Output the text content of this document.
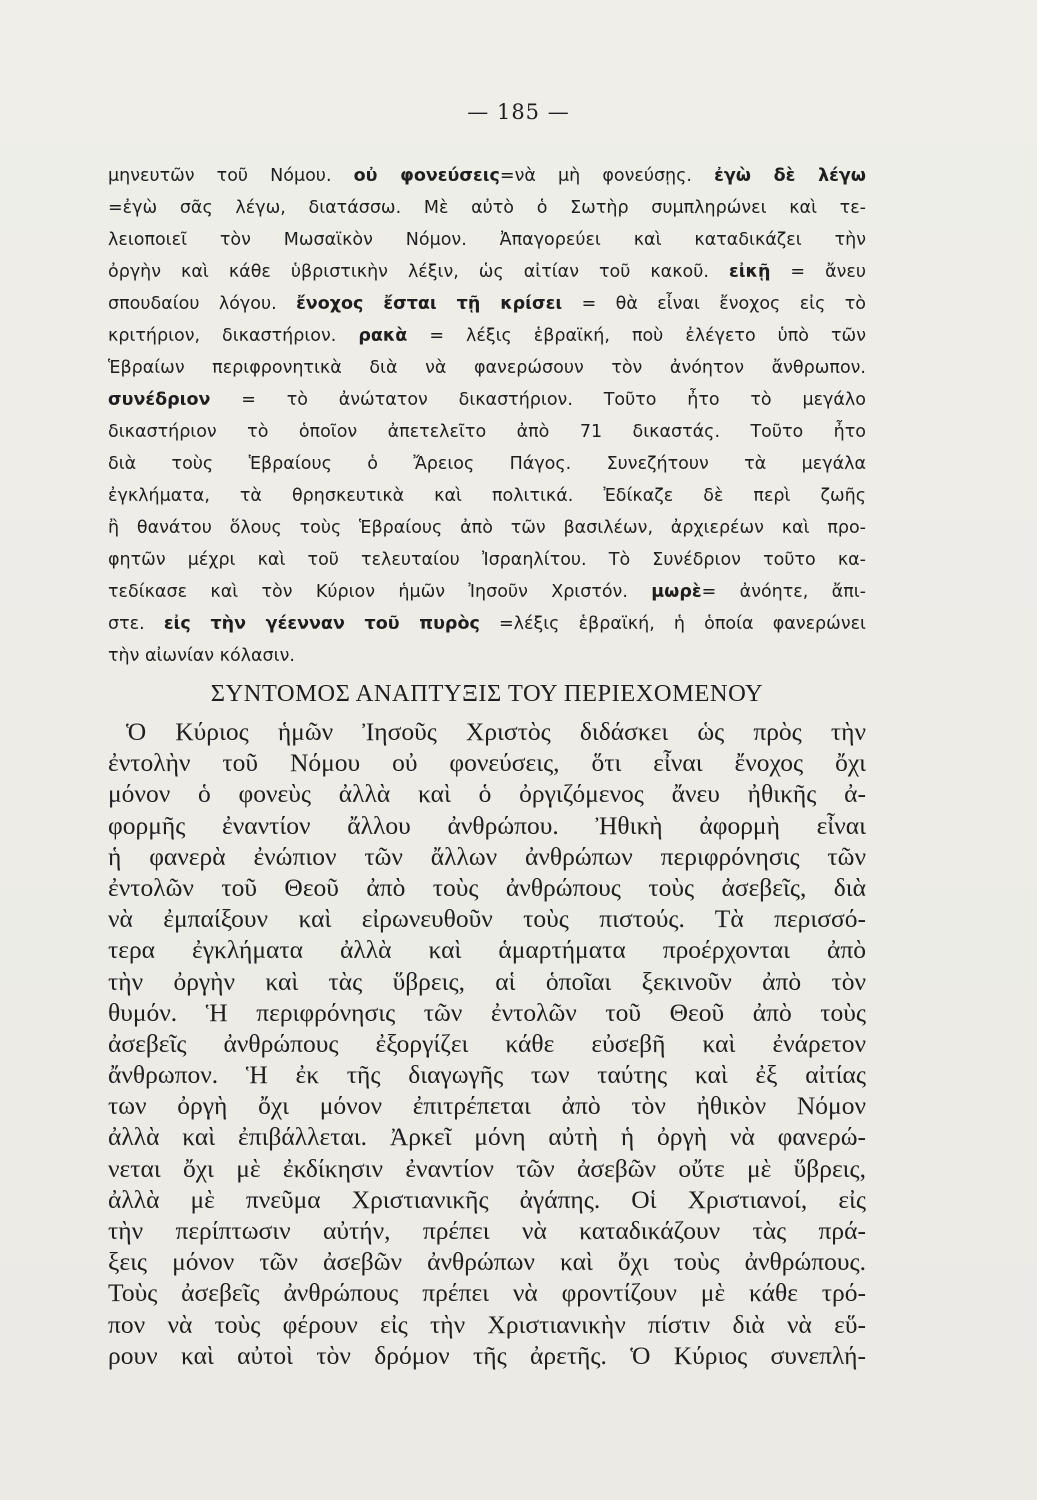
— 185 —
μηνευτῶν τοῦ Νόμου. οὐ φονεύσεις=νὰ μὴ φονεύσῃς. ἐγὼ δὲ λέγω
=ἐγὼ σᾶς λέγω, διατάσσω. Μὲ αὐτὸ ὁ Σωτὴρ συμπληρώνει καὶ τε-
λειοποιεῖ τὸν Μωσαϊκὸν Νόμον. Ἀπαγορεύει καὶ καταδικάζει τὴν
ὀργὴν καὶ κάθε ὑβριστικὴν λέξιν, ὡς αἰτίαν τοῦ κακοῦ. εἰκῇ = ἄνευ
σπουδαίου λόγου. ἔνοχος ἔσται τῇ κρίσει = θὰ εἶναι ἔνοχος εἰς τὸ
κριτήριον, δικαστήριον. ρακὰ = λέξις ἑβραϊκή, ποὺ ἐλέγετο ὑπὸ τῶν
Ἑβραίων περιφρονητικὰ διὰ νὰ φανερώσουν τὸν ἀνόητον ἄνθρωπον.
συνέδριον = τὸ ἀνώτατον δικαστήριον. Τοῦτο ἦτο τὸ μεγάλο
δικαστήριον τὸ ὁποῖον ἀπετελεῖτο ἀπὸ 71 δικαστάς. Τοῦτο ἦτο
διὰ τοὺς Ἑβραίους ὁ Ἄρειος Πάγος. Συνεζήτουν τὰ μεγάλα
ἐγκλήματα, τὰ θρησκευτικὰ καὶ πολιτικά. Ἐδίκαζε δὲ περὶ ζωῆς
ἢ θανάτου ὅλους τοὺς Ἑβραίους ἀπὸ τῶν βασιλέων, ἀρχιερέων καὶ προ-
φητῶν μέχρι καὶ τοῦ τελευταίου Ἰσραηλίτου. Τὸ Συνέδριον τοῦτο κα-
τεδίκασε καὶ τὸν Κύριον ἡμῶν Ἰησοῦν Χριστόν. μωρὲ= ἀνόητε, ἄπι-
στε. εἰς τὴν γέενναν τοῦ πυρὸς =λέξις ἑβραϊκή, ἡ ὁποία φανερώνει
τὴν αἰωνίαν κόλασιν.
ΣΥΝΤΟΜΟΣ ΑΝΑΠΤΥΞΙΣ ΤΟΥ ΠΕΡΙΕΧΟΜΕΝΟΥ
Ὁ Κύριος ἡμῶν Ἰησοῦς Χριστὸς διδάσκει ὡς πρὸς τὴν
ἐντολὴν τοῦ Νόμου οὐ φονεύσεις, ὅτι εἶναι ἔνοχος ὄχι
μόνον ὁ φονεὺς ἀλλὰ καὶ ὁ ὀργιζόμενος ἄνευ ἠθικῆς ἀ-
φορμῆς ἐναντίον ἄλλου ἀνθρώπου. Ἠθικὴ ἀφορμὴ εἶναι
ἡ φανερὰ ἐνώπιον τῶν ἄλλων ἀνθρώπων περιφρόνησις τῶν
ἐντολῶν τοῦ Θεοῦ ἀπὸ τοὺς ἀνθρώπους τοὺς ἀσεβεῖς, διὰ
νὰ ἐμπαίξουν καὶ εἰρωνευθοῦν τοὺς πιστούς. Τὰ περισσό-
τερα ἐγκλήματα ἀλλὰ καὶ ἁμαρτήματα προέρχονται ἀπὸ
τὴν ὀργὴν καὶ τὰς ὕβρεις, αἱ ὁποῖαι ξεκινοῦν ἀπὸ τὸν
θυμόν. Ἡ περιφρόνησις τῶν ἐντολῶν τοῦ Θεοῦ ἀπὸ τοὺς
ἀσεβεῖς ἀνθρώπους ἐξοργίζει κάθε εὐσεβῆ καὶ ἐνάρετον
ἄνθρωπον. Ἡ ἐκ τῆς διαγωγῆς των ταύτης καὶ ἐξ αἰτίας
των ὀργὴ ὄχι μόνον ἐπιτρέπεται ἀπὸ τὸν ἠθικὸν Νόμον
ἀλλὰ καὶ ἐπιβάλλεται. Ἀρκεῖ μόνη αὐτὴ ἡ ὀργὴ νὰ φανερώ-
νεται ὄχι μὲ ἐκδίκησιν ἐναντίον τῶν ἀσεβῶν οὔτε μὲ ὕβρεις,
ἀλλὰ μὲ πνεῦμα Χριστιανικῆς ἀγάπης. Οἱ Χριστιανοί, εἰς
τὴν περίπτωσιν αὐτήν, πρέπει νὰ καταδικάζουν τὰς πρά-
ξεις μόνον τῶν ἀσεβῶν ἀνθρώπων καὶ ὄχι τοὺς ἀνθρώπους.
Τοὺς ἀσεβεῖς ἀνθρώπους πρέπει νὰ φροντίζουν μὲ κάθε τρό-
πον νὰ τοὺς φέρουν εἰς τὴν Χριστιανικὴν πίστιν διὰ νὰ εὕ-
ρουν καὶ αὐτοὶ τὸν δρόμον τῆς ἀρετῆς. Ὁ Κύριος συνεπλή-
